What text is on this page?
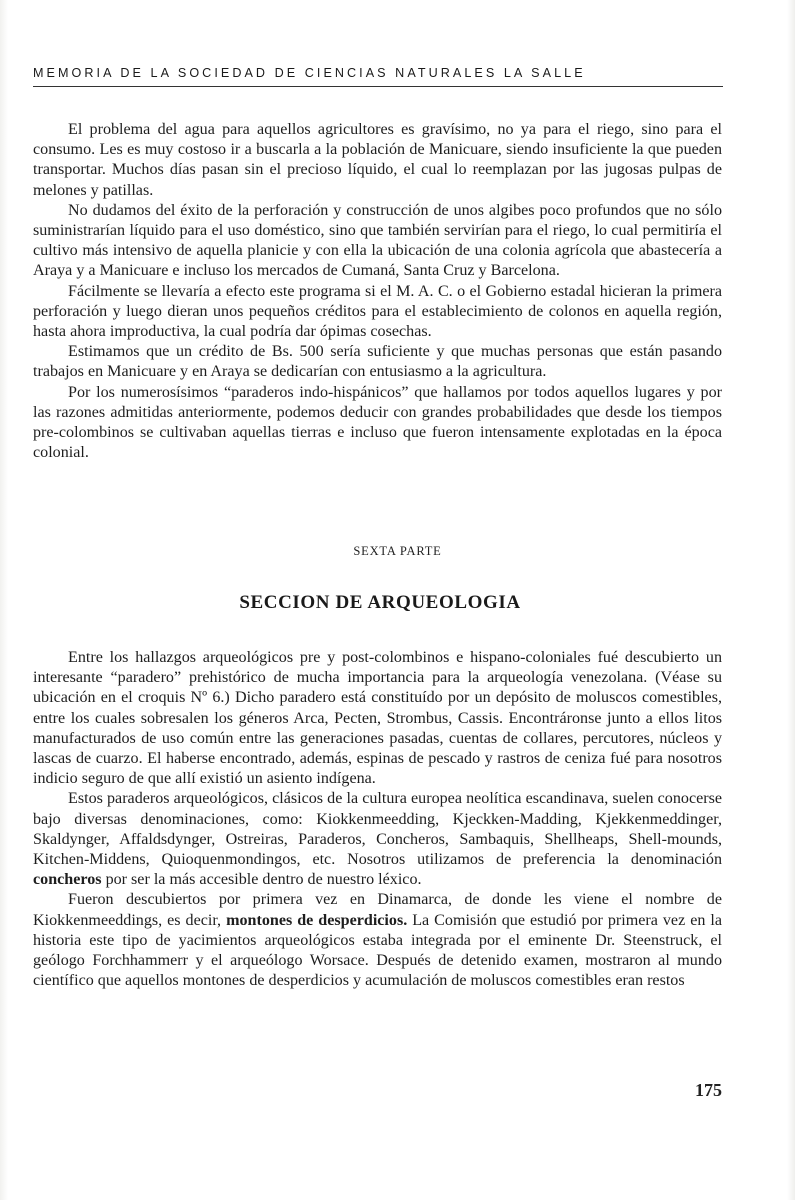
MEMORIA DE LA SOCIEDAD DE CIENCIAS NATURALES LA SALLE

El problema del agua para aquellos agricultores es gravísimo, no ya para el riego, sino para el consumo. Les es muy costoso ir a buscarla a la población de Manicuare, siendo insuficiente la que pueden transportar. Muchos días pasan sin el precioso líquido, el cual lo reemplazan por las jugosas pulpas de melones y patillas.

No dudamos del éxito de la perforación y construcción de unos algibes poco profundos que no sólo suministrarían líquido para el uso doméstico, sino que también servirían para el riego, lo cual permitiría el cultivo más intensivo de aquella planicie y con ella la ubicación de una colonia agrícola que abastecería a Araya y a Manicuare e incluso los mercados de Cumaná, Santa Cruz y Barcelona.

Fácilmente se llevaría a efecto este programa si el M. A. C. o el Gobierno estadal hicieran la primera perforación y luego dieran unos pequeños créditos para el establecimiento de colonos en aquella región, hasta ahora improductiva, la cual podría dar ópimas cosechas.

Estimamos que un crédito de Bs. 500 sería suficiente y que muchas personas que están pasando trabajos en Manicuare y en Araya se dedicarían con entusiasmo a la agricultura.

Por los numerosísimos “paraderos indo-hispánicos” que hallamos por todos aquellos lugares y por las razones admitidas anteriormente, podemos deducir con grandes probabilidades que desde los tiempos pre-colombinos se cultivaban aquellas tierras e incluso que fueron intensamente explotadas en la época colonial.

SEXTA PARTE
SECCION DE ARQUEOLOGIA

Entre los hallazgos arqueológicos pre y post-colombinos e hispano-coloniales fué descubierto un interesante “paradero” prehistórico de mucha importancia para la arqueología venezolana. (Véase su ubicación en el croquis Nº 6.) Dicho paradero está constituído por un depósito de moluscos comestibles, entre los cuales sobresalen los géneros Arca, Pecten, Strombus, Cassis. Encontráronse junto a ellos litos manufacturados de uso común entre las generaciones pasadas, cuentas de collares, percutores, núcleos y lascas de cuarzo. El haberse encontrado, además, espinas de pescado y rastros de ceniza fué para nosotros indicio seguro de que allí existió un asiento indígena.

Estos paraderos arqueológicos, clásicos de la cultura europea neolítica escandinava, suelen conocerse bajo diversas denominaciones, como: Kiokkenmeedding, Kjeckken-Madding, Kjekkenmeddinger, Skaldynger, Affaldsdynger, Ostreiras, Paraderos, Concheros, Sambaquis, Shellheaps, Shell-mounds, Kitchen-Middens, Quioquenmondingos, etc. Nosotros utilizamos de preferencia la denominación concheros por ser la más accesible dentro de nuestro léxico.

Fueron descubiertos por primera vez en Dinamarca, de donde les viene el nombre de Kiokkenmeeddings, es decir, montones de desperdicios. La Comisión que estudió por primera vez en la historia este tipo de yacimientos arqueológicos estaba integrada por el eminente Dr. Steenstruck, el geólogo Forchhammerr y el arqueólogo Worsace. Después de detenido examen, mostraron al mundo científico que aquellos montones de desperdicios y acumulación de moluscos comestibles eran restos

175
